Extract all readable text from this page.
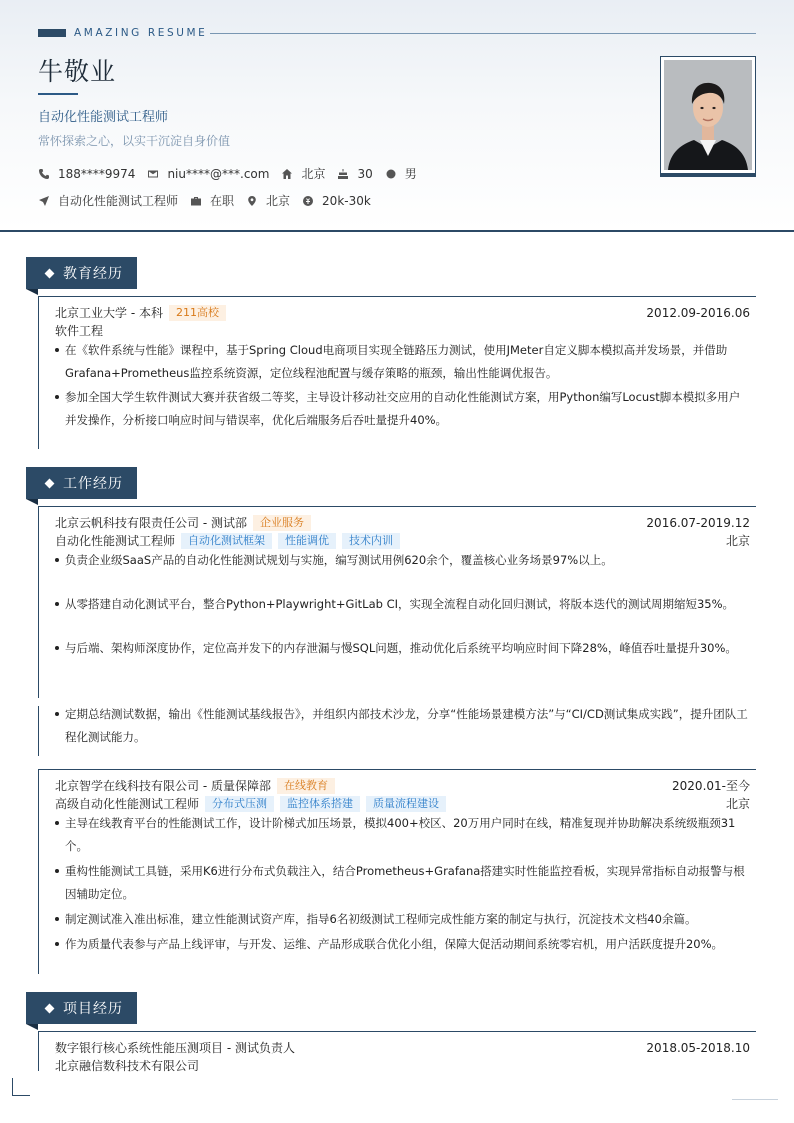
AMAZING RESUME
牛敬业
自动化性能测试工程师
常怀探索之心，以实干沉淀自身价值
188****9974	niu****@***.com	北京	30	男
自动化性能测试工程师	在职	北京	20k-30k
教育经历
北京工业大学 - 本科	211高校	2012.09-2016.06
软件工程
在《软件系统与性能》课程中，基于Spring Cloud电商项目实现全链路压力测试，使用JMeter自定义脚本模拟高并发场景，并借助Grafana+Prometheus监控系统资源，定位线程池配置与缓存策略的瓶颈，输出性能调优报告。
参加全国大学生软件测试大赛并获省级二等奖，主导设计移动社交应用的自动化性能测试方案，用Python编写Locust脚本模拟多用户并发操作，分析接口响应时间与错误率，优化后端服务后吞吐量提升40%。
工作经历
北京云帆科技有限责任公司 - 测试部	企业服务	2016.07-2019.12
自动化性能测试工程师	自动化测试框架	性能调优	技术内训	北京
负责企业级SaaS产品的自动化性能测试规划与实施，编写测试用例620余个，覆盖核心业务场景97%以上。
从零搭建自动化测试平台，整合Python+Playwright+GitLab CI，实现全流程自动化回归测试，将版本迭代的测试周期缩短35%。
与后端、架构师深度协作，定位高并发下的内存泄漏与慢SQL问题，推动优化后系统平均响应时间下降28%，峰值吞吐量提升30%。
定期总结测试数据，输出《性能测试基线报告》，并组织内部技术沙龙，分享“性能场景建模方法”与“CI/CD测试集成实践”，提升团队工程化测试能力。
北京智学在线科技有限公司 - 质量保障部	在线教育	2020.01-至今
高级自动化性能测试工程师	分布式压测	监控体系搭建	质量流程建设	北京
主导在线教育平台的性能测试工作，设计阶梯式加压场景，模拟400+校区、20万用户同时在线，精准复现并协助解决系统级瓶颈31个。
重构性能测试工具链，采用K6进行分布式负载注入，结合Prometheus+Grafana搭建实时性能监控看板，实现异常指标自动报警与根因辅助定位。
制定测试准入准出标准，建立性能测试资产库，指导6名初级测试工程师完成性能方案的制定与执行，沉淀技术文档40余篇。
作为质量代表参与产品上线评审，与开发、运维、产品形成联合优化小组，保障大促活动期间系统零宕机，用户活跃度提升20%。
项目经历
数字银行核心系统性能压测项目 - 测试负责人	2018.05-2018.10
北京融信数科技术有限公司
